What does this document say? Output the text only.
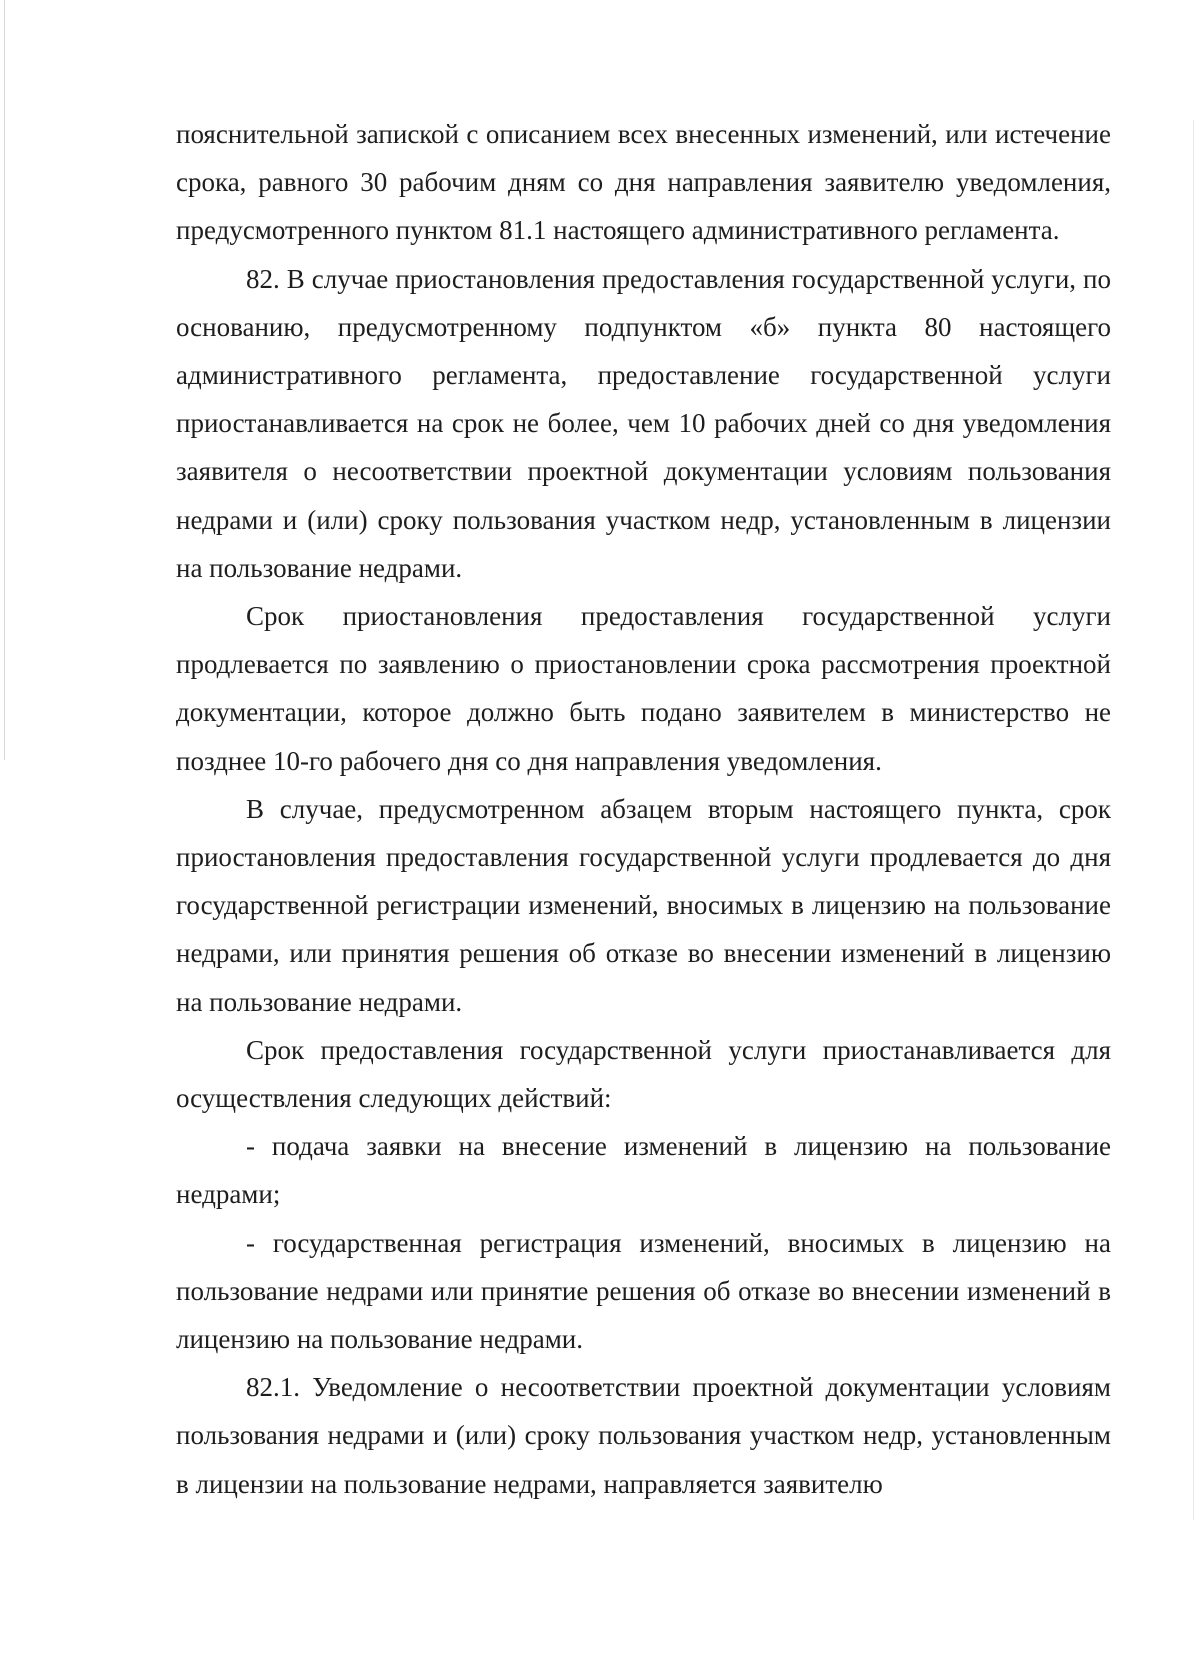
пояснительной запиской с описанием всех внесенных изменений, или истечение срока, равного 30 рабочим дням со дня направления заявителю уведомления, предусмотренного пунктом 81.1 настоящего административного регламента.

82. В случае приостановления предоставления государственной услуги, по основанию, предусмотренному подпунктом «б» пункта 80 настоящего административного регламента, предоставление государственной услуги приостанавливается на срок не более, чем 10 рабочих дней со дня уведомления заявителя о несоответствии проектной документации условиям пользования недрами и (или) сроку пользования участком недр, установленным в лицензии на пользование недрами.

Срок приостановления предоставления государственной услуги продлевается по заявлению о приостановлении срока рассмотрения проектной документации, которое должно быть подано заявителем в министерство не позднее 10-го рабочего дня со дня направления уведомления.

В случае, предусмотренном абзацем вторым настоящего пункта, срок приостановления предоставления государственной услуги продлевается до дня государственной регистрации изменений, вносимых в лицензию на пользование недрами, или принятия решения об отказе во внесении изменений в лицензию на пользование недрами.

Срок предоставления государственной услуги приостанавливается для осуществления следующих действий:

- подача заявки на внесение изменений в лицензию на пользование недрами;

- государственная регистрация изменений, вносимых в лицензию на пользование недрами или принятие решения об отказе во внесении изменений в лицензию на пользование недрами.

82.1. Уведомление о несоответствии проектной документации условиям пользования недрами и (или) сроку пользования участком недр, установленным в лицензии на пользование недрами, направляется заявителю
